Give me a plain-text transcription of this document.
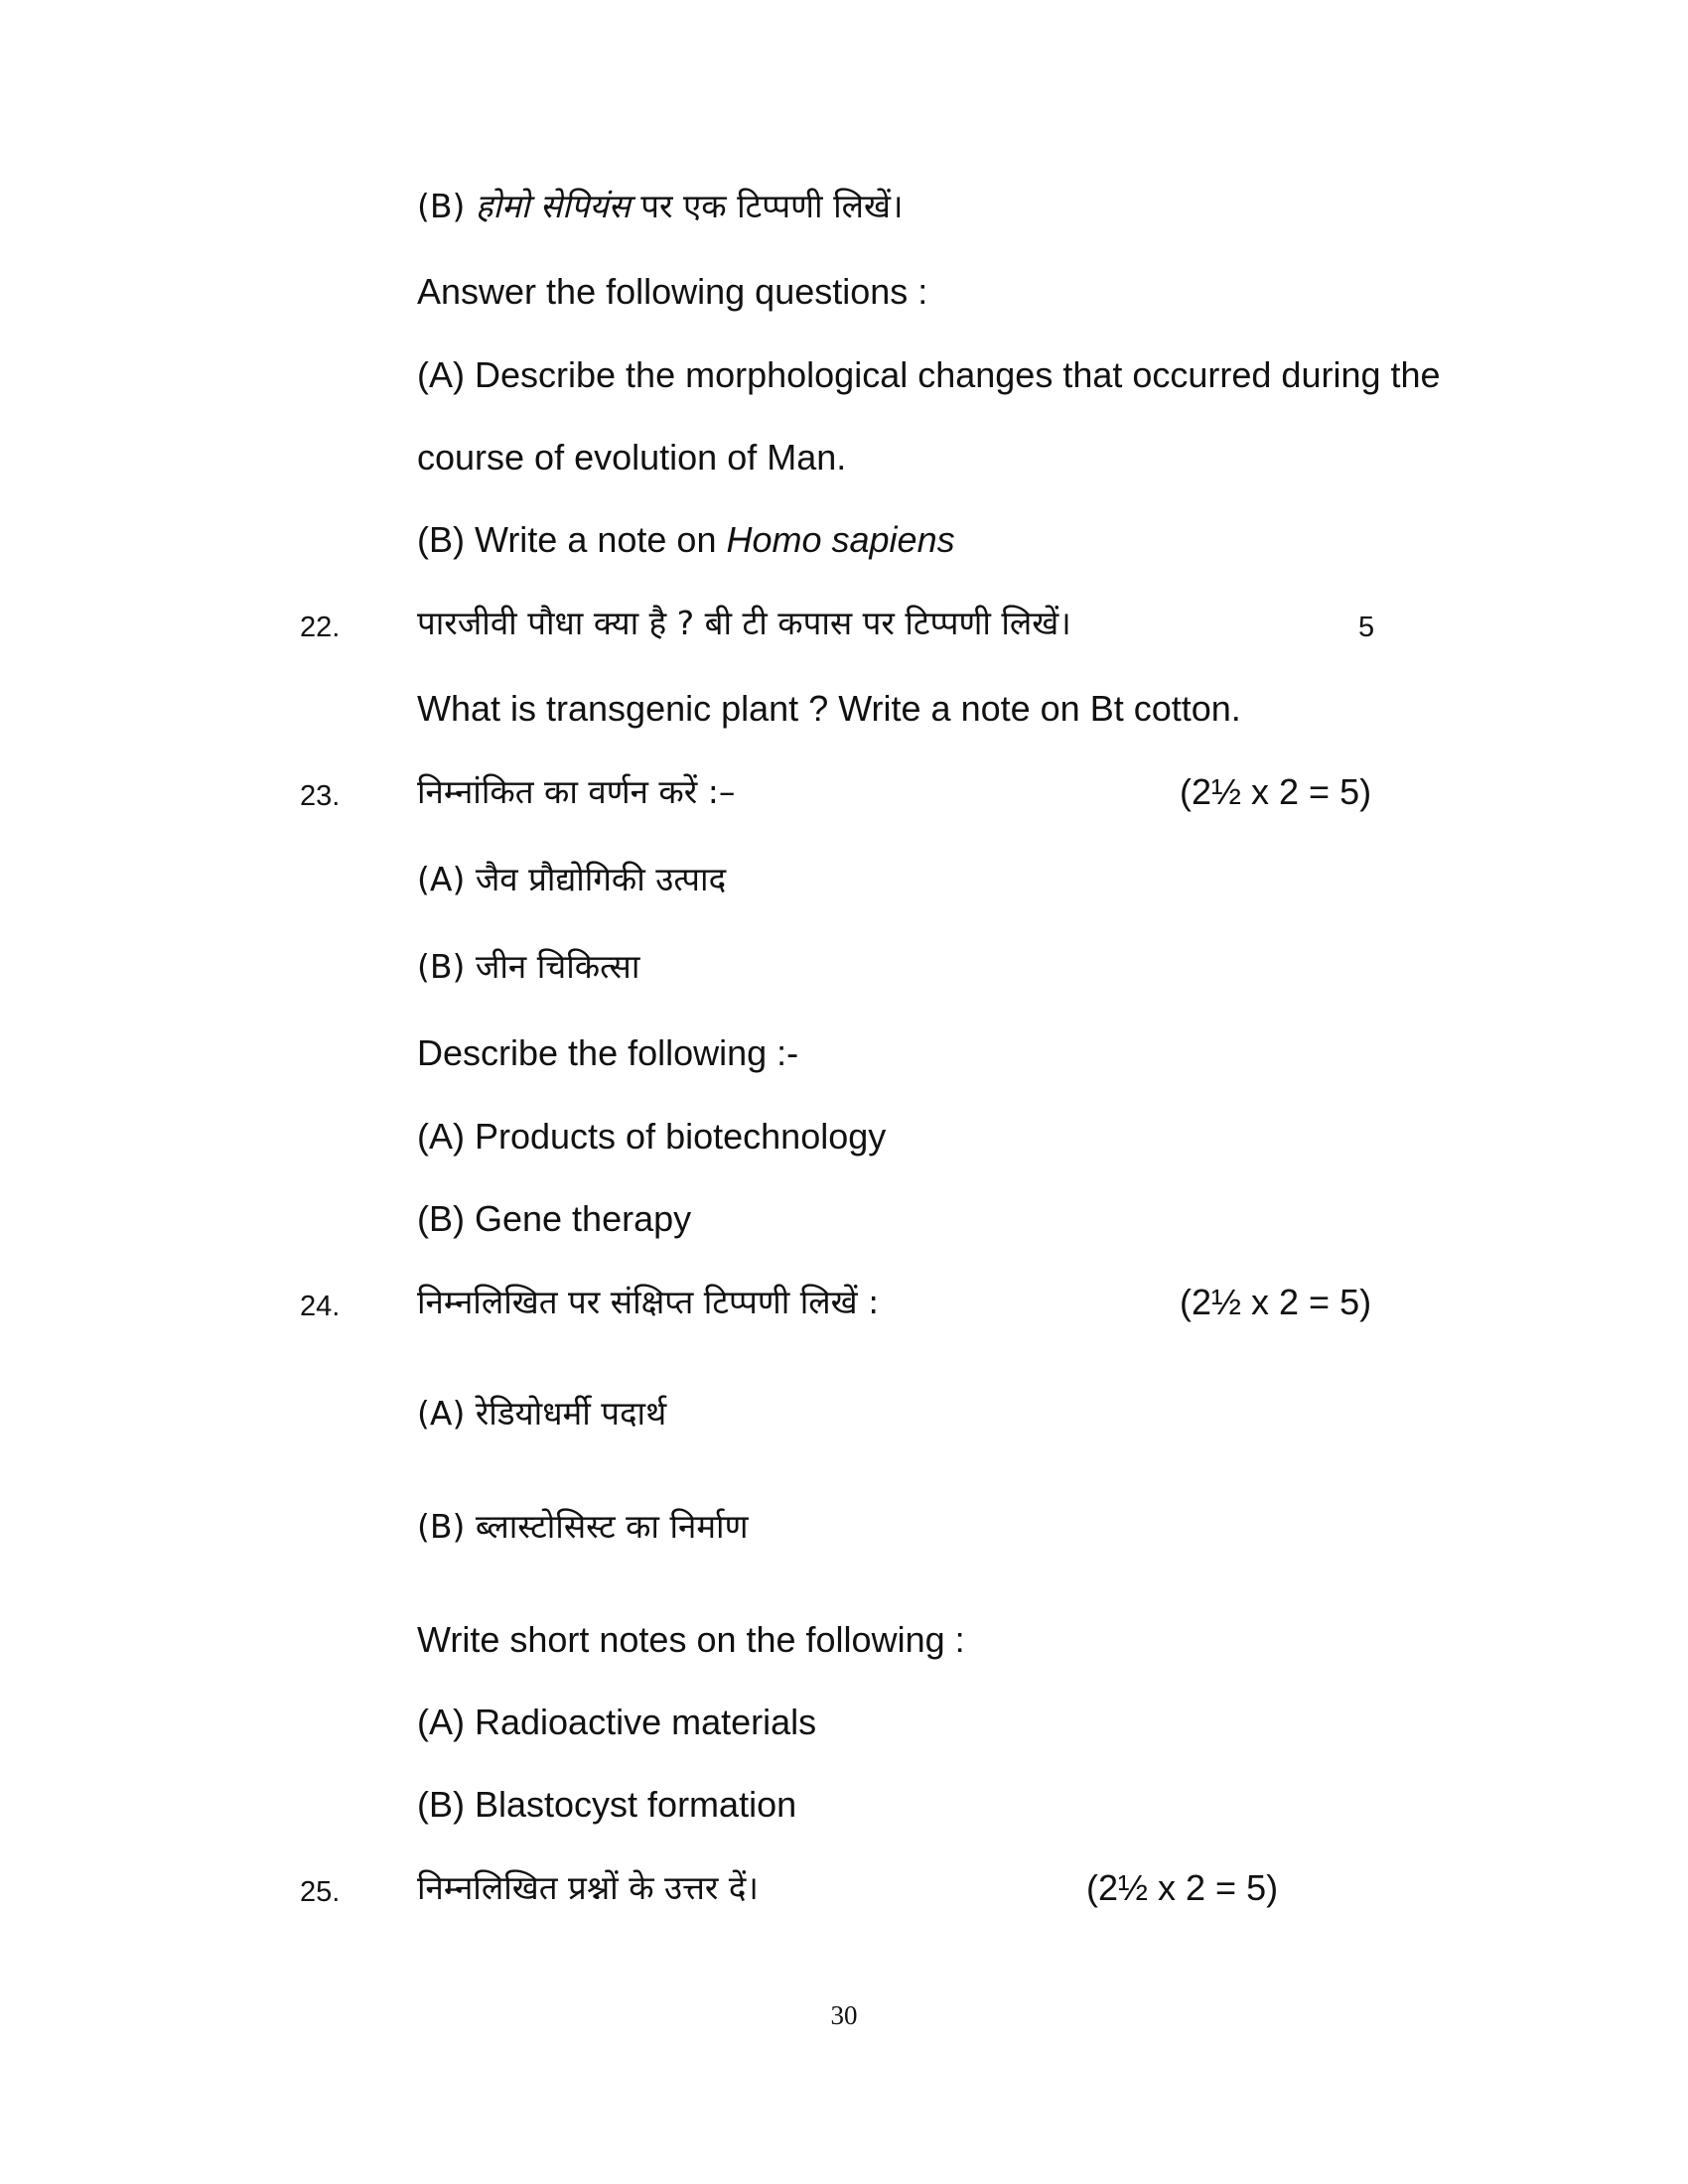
(B) होमो सेपियंस पर एक टिप्पणी लिखें।
Answer the following questions :
(A) Describe the morphological changes that occurred during the
course of evolution of Man.
(B) Write a note on Homo sapiens
22. पारजीवी पौधा क्या है ? बी टी कपास पर टिप्पणी लिखें।	5
What is transgenic plant ? Write a note on Bt cotton.
23. निम्नांकित का वर्णन करें :–	(2½ x 2 = 5)
(A) जैव प्रौद्योगिकी उत्पाद
(B) जीन चिकित्सा
Describe the following :-
(A) Products of biotechnology
(B) Gene therapy
24. निम्नलिखित पर संक्षिप्त टिप्पणी लिखें :	(2½ x 2 = 5)
(A) रेडियोधर्मी पदार्थ
(B) ब्लास्टोसिस्ट का निर्माण
Write short notes on the following :
(A) Radioactive materials
(B) Blastocyst formation
25. निम्नलिखित प्रश्नों के उत्तर दें।	(2½ x 2 = 5)
30
